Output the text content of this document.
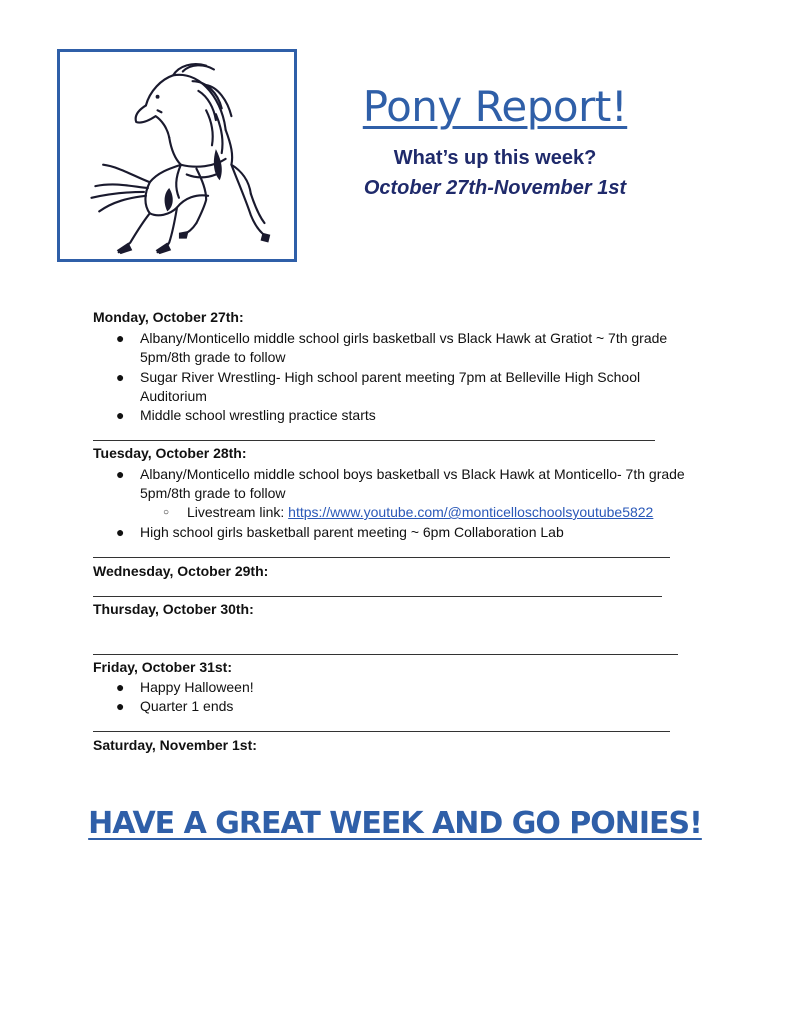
Pony Report!
What’s up this week?
October 27th-November 1st
Monday, October 27th:
● Albany/Monticello middle school girls basketball vs Black Hawk at Gratiot ~ 7th grade 5pm/8th grade to follow
● Sugar River Wrestling- High school parent meeting 7pm at Belleville High School Auditorium
● Middle school wrestling practice starts
Tuesday, October 28th:
● Albany/Monticello middle school boys basketball vs Black Hawk at Monticello- 7th grade 5pm/8th grade to follow
○ Livestream link: https://www.youtube.com/@monticelloschoolsyoutube5822
● High school girls basketball parent meeting ~ 6pm Collaboration Lab
Wednesday, October 29th:
Thursday, October 30th:
Friday, October 31st:
● Happy Halloween!
● Quarter 1 ends
Saturday, November 1st:
HAVE A GREAT WEEK AND GO PONIES!
